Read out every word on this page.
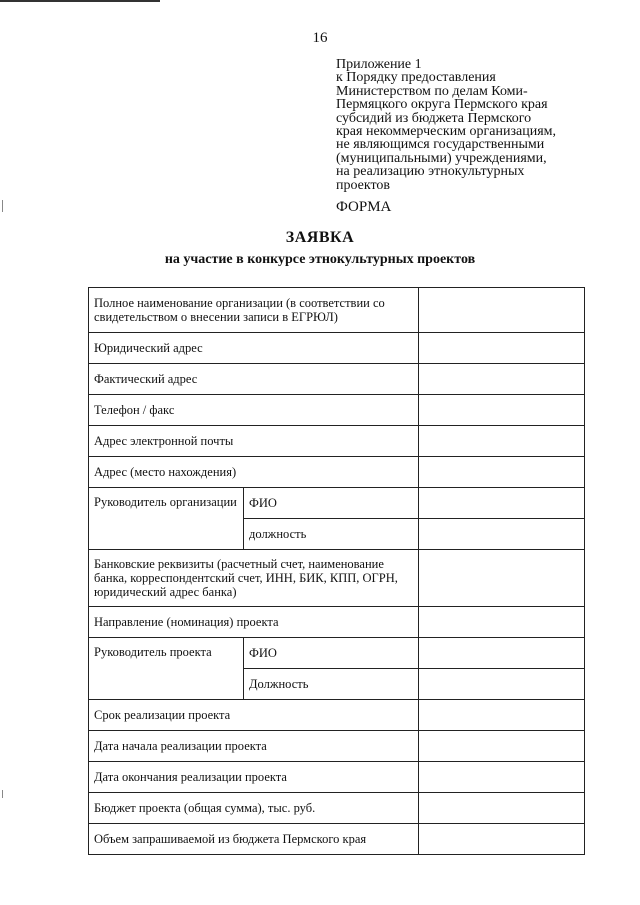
16
Приложение 1
к Порядку предоставления
Министерством по делам Коми-
Пермяцкого округа Пермского края
субсидий из бюджета Пермского
края некоммерческим организациям,
не являющимся государственными
(муниципальными) учреждениями,
на реализацию этнокультурных
проектов
ФОРМА
ЗАЯВКА
на участие в конкурсе этнокультурных проектов
Полное наименование организации (в соответствии со свидетельством о внесении записи в ЕГРЮЛ)		
Юридический адрес		
Фактический адрес		
Телефон / факс		
Адрес электронной почты		
Адрес (место нахождения)		
Руководитель организации	ФИО	
	должность	
Банковские реквизиты (расчетный счет, наименование банка, корреспондентский счет, ИНН, БИК, КПП, ОГРН, юридический адрес банка)		
Направление (номинация) проекта		
Руководитель проекта	ФИО	
	Должность	
Срок реализации проекта		
Дата начала реализации проекта		
Дата окончания реализации проекта		
Бюджет проекта (общая сумма), тыс. руб.		
Объем запрашиваемой из бюджета Пермского края		
